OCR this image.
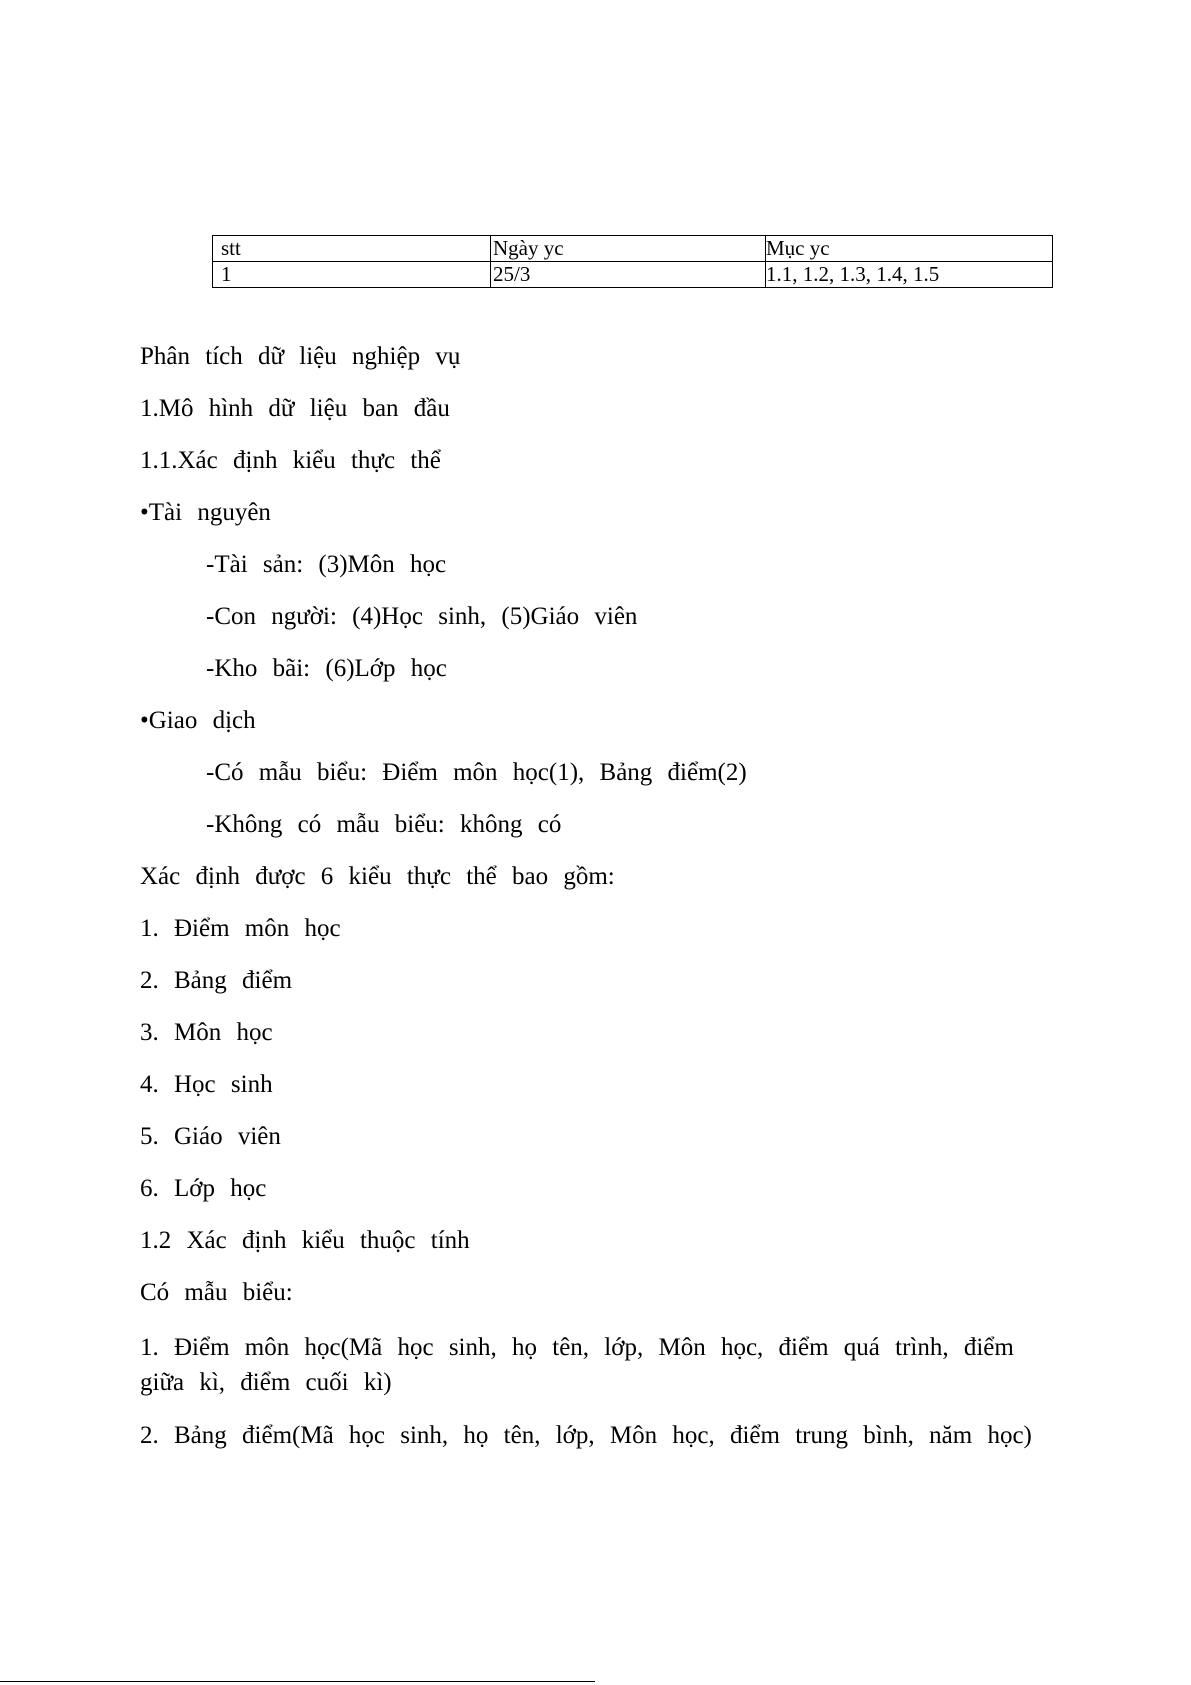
stt	Ngày yc	Mục yc
1	25/3	1.1, 1.2, 1.3, 1.4, 1.5
Phân tích dữ liệu nghiệp vụ
1.Mô hình dữ liệu ban đầu
1.1.Xác định kiểu thực thể
•Tài nguyên
-Tài sản: (3)Môn học
-Con người: (4)Học sinh, (5)Giáo viên
-Kho bãi: (6)Lớp học
•Giao dịch
-Có mẫu biểu: Điểm môn học(1), Bảng điểm(2)
-Không có mẫu biểu: không có
Xác định được 6 kiểu thực thể bao gồm:
1. Điểm môn học
2. Bảng điểm
3. Môn học
4. Học sinh
5. Giáo viên
6. Lớp học
1.2 Xác định kiểu thuộc tính
Có mẫu biểu:
1. Điểm môn học(Mã học sinh, họ tên, lớp, Môn học, điểm quá trình, điểm giữa kì, điểm cuối kì)
2. Bảng điểm(Mã học sinh, họ tên, lớp, Môn học, điểm trung bình, năm học)
